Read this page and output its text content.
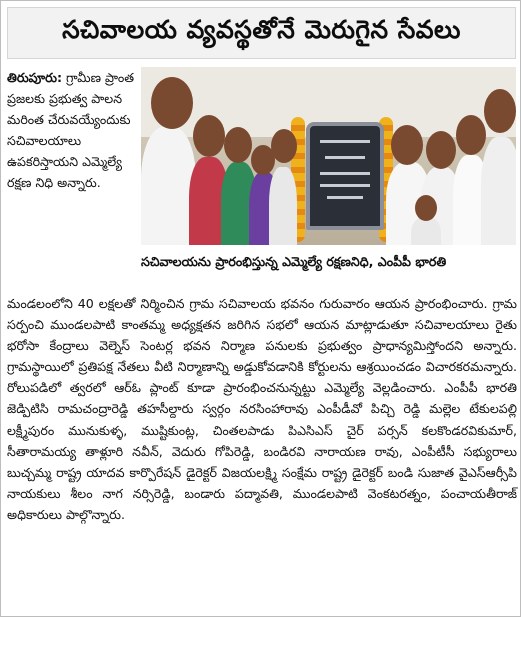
సచివాలయ వ్యవస్థతోనే మెరుగైన సేవలు
తిరుపూరు: గ్రామీణ ప్రాంత ప్రజలకు ప్రభుత్వ పాలన మరింత చేరువయ్యేందుకు సచివాలయాలు ఉపకరిస్తాయని ఎమ్మెల్యే రక్షణ నిధి అన్నారు.
సచివాలయను ప్రారంభిస్తున్న ఎమ్మెల్యే రక్షణనిధి, ఎంపీపీ భారతి

మండలంలోని 40 లక్షలతో నిర్మించిన గ్రామ సచివాలయ భవనం గురువారం ఆయన ప్రారంభించారు. గ్రామ సర్పంచి ముండలపాటి కాంతమ్మ అధ్యక్షతన జరిగిన సభలో ఆయన మాట్లాడుతూ సచివాలయాలు రైతు భరోసా కేంద్రాలు వెల్నెస్ సెంటర్ల భవన నిర్మాణ పనులకు ప్రభుత్వం ప్రాధాన్యమిస్తోందని అన్నారు. గ్రామస్థాయిలో ప్రతిపక్ష నేతలు వీటి నిర్మాణాన్ని అడ్డుకోవడానికి కోర్టులను ఆశ్రయించడం విచారకరమన్నారు. రోలుపడిలో త్వరలో ఆర్ఓ ప్లాంట్ కూడా ప్రారంభించనున్నట్టు ఎమ్మెల్యే వెల్లడించారు. ఎంపీపీ భారతి జెడ్పిటిసి రామచంద్రారెడ్డి తహసీల్దారు స్వర్గం నరసింహారావు ఎంపీడీవో పిచ్చి రెడ్డి మల్లెల టేకులపల్లి లక్ష్మీపురం మునుకుళ్ళ, ముష్టికుంట్ల, చింతలపాడు పిఎసిఎస్ చైర్ పర్సన్ కలకొండరవికుమార్, సీతారామయ్య తాళ్లూరి నవీన్, వెదురు గోపిరెడ్డి, బండిరవి నారాయణ రావు, ఎంపీటీసీ సభ్యురాలు బుచ్చమ్మ రాష్ట్ర యాదవ కార్పొరేషన్ డైరెక్టర్ విజయలక్ష్మి సంక్షేమ రాష్ట్ర డైరెక్టర్ బండి సుజాత వైఎస్ఆర్సీపి నాయకులు శీలం నాగ నర్సిరెడ్డి, బండారు పద్మావతి, ముండలపాటి వెంకటరత్నం, పంచాయతీరాజ్ అధికారులు పాల్గొన్నారు.
